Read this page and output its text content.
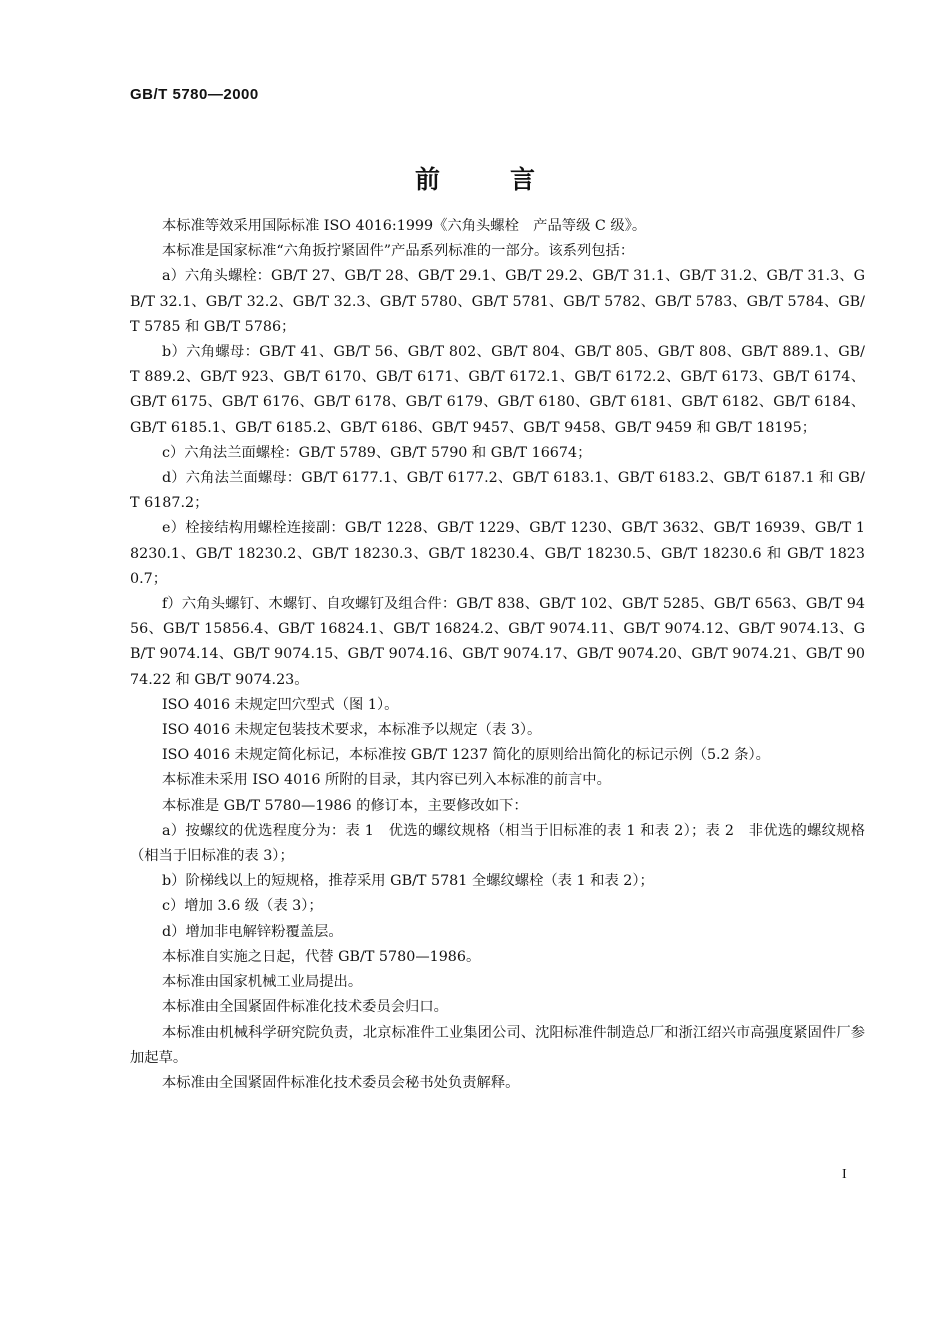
GB/T 5780—2000
前言

本标准等效采用国际标准 ISO 4016:1999《六角头螺栓　产品等级 C 级》。

本标准是国家标准“六角扳拧紧固件”产品系列标准的一部分。该系列包括：

a）六角头螺栓：GB/T 27、GB/T 28、GB/T 29.1、GB/T 29.2、GB/T 31.1、GB/T 31.2、GB/T 31.3、GB/T 32.1、GB/T 32.2、GB/T 32.3、GB/T 5780、GB/T 5781、GB/T 5782、GB/T 5783、GB/T 5784、GB/T 5785 和 GB/T 5786；

b）六角螺母：GB/T 41、GB/T 56、GB/T 802、GB/T 804、GB/T 805、GB/T 808、GB/T 889.1、GB/T 889.2、GB/T 923、GB/T 6170、GB/T 6171、GB/T 6172.1、GB/T 6172.2、GB/T 6173、GB/T 6174、GB/T 6175、GB/T 6176、GB/T 6178、GB/T 6179、GB/T 6180、GB/T 6181、GB/T 6182、GB/T 6184、GB/T 6185.1、GB/T 6185.2、GB/T 6186、GB/T 9457、GB/T 9458、GB/T 9459 和 GB/T 18195；

c）六角法兰面螺栓：GB/T 5789、GB/T 5790 和 GB/T 16674；

d）六角法兰面螺母：GB/T 6177.1、GB/T 6177.2、GB/T 6183.1、GB/T 6183.2、GB/T 6187.1 和 GB/T 6187.2；

e）栓接结构用螺栓连接副：GB/T 1228、GB/T 1229、GB/T 1230、GB/T 3632、GB/T 16939、GB/T 18230.1、GB/T 18230.2、GB/T 18230.3、GB/T 18230.4、GB/T 18230.5、GB/T 18230.6 和 GB/T 18230.7；

f）六角头螺钉、木螺钉、自攻螺钉及组合件：GB/T 838、GB/T 102、GB/T 5285、GB/T 6563、GB/T 9456、GB/T 15856.4、GB/T 16824.1、GB/T 16824.2、GB/T 9074.11、GB/T 9074.12、GB/T 9074.13、GB/T 9074.14、GB/T 9074.15、GB/T 9074.16、GB/T 9074.17、GB/T 9074.20、GB/T 9074.21、GB/T 9074.22 和 GB/T 9074.23。

ISO 4016 未规定凹穴型式（图 1）。

ISO 4016 未规定包装技术要求，本标准予以规定（表 3）。

ISO 4016 未规定简化标记，本标准按 GB/T 1237 简化的原则给出简化的标记示例（5.2 条）。

本标准未采用 ISO 4016 所附的目录，其内容已列入本标准的前言中。

本标准是 GB/T 5780—1986 的修订本，主要修改如下：

a）按螺纹的优选程度分为：表 1　优选的螺纹规格（相当于旧标准的表 1 和表 2）；表 2　非优选的螺纹规格（相当于旧标准的表 3）；

b）阶梯线以上的短规格，推荐采用 GB/T 5781 全螺纹螺栓（表 1 和表 2）；

c）增加 3.6 级（表 3）；

d）增加非电解锌粉覆盖层。

本标准自实施之日起，代替 GB/T 5780—1986。

本标准由国家机械工业局提出。

本标准由全国紧固件标准化技术委员会归口。

本标准由机械科学研究院负责，北京标准件工业集团公司、沈阳标准件制造总厂和浙江绍兴市高强度紧固件厂参加起草。

本标准由全国紧固件标准化技术委员会秘书处负责解释。

I
